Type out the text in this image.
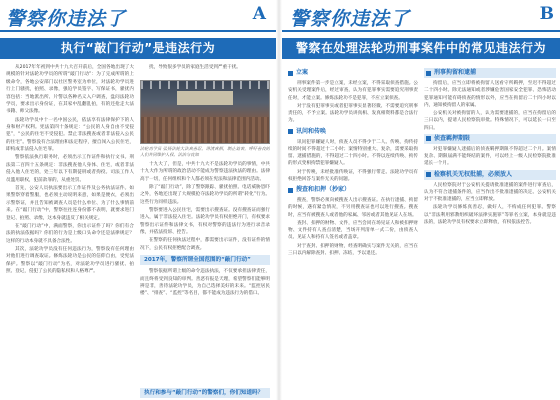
警察你违法了	A
执行“敲门行动”是违法行为

从2017年年初到中共十九大召开前后，全国各地出现了大规模的针对法轮功学员的所谓“敲门行动”：为了完成所谓的上级命令，各地公安部门以社区警务室为单位，对法轮功学员进行上门骚扰，拍照、录像，强迫学员签字、写保证书，骚扰内容包括：当地派出所、片警以各种名义入户调查，盘问法轮功学员，要求出示身份证，在其家中乱翻乱拍，有的还抢走大法书籍、师父法像。

法轮功学员中十一名中国公民，依法享有法律保护下的人身和财产权利。宪法第四十条规定：“公民的人身自由不受侵犯”，“公民的住宅不受侵犯。禁止非法搜查或者非法侵入公民的住宅”。警察没有合法理由和法定程序，擅自闯入公民住宅，即构成非法侵入住宅罪。

警察依法执行职务时，必须出示工作证件和执行文书。刑法第二百四十五条规定：非法搜查他人身体、住宅，或者非法侵入他人住宅的，处三年以下有期徒刑或者拘役。司法工作人员滥用职权，犯前款罪的，从重处罚。

首先，公安人员执法要出示工作证件及公务执法证件。如果警察穿着警服，也必须主动说明来意，如果是便衣，必须出示警察证，并且告知被调查人员是什么单位、为了什么事情前来。在“敲门行动”中，警察往往连身份都不表明，就要求进门登记、拍照、录像，这本身就违反了相关规定。

在“敲门行动”中，满面警察，你出示证件了吗？你们有合法的执法依据吗？你们的行为是上级口头命令还是法律规定？这样的行动本身就不具备合法性。

其次，法轮功学员没有任何违法行为，警察没有任何理由对他们进行调查取证。修炼法轮功是公民的信仰自由，受宪法保护。警察以“敲门行动”为名，对法轮功学员进行骚扰、拍照、登记，侵犯了公民的隐私权和人格尊严。

扰，导致很多学员的家庭生活受到严重干扰。

法轮功学员 弘扬法轮大法真善忍，讲清真相，制止迫害，呼吁善良的人们共同维护人权、法治与良知

十九大了，但是，中共十九大不是法轮功学员的事情，中共十九大作为所谓的政治活动不能成为警察违法执法的理由。法律高于一切，任何组织和个人都必须在宪法和法律范围内活动。

除了“敲门行动”，除了警察跟踪、骚扰拍照、电话威胁恐吓之外，各地还出现了大规模抢夺法轮功学员的所谓“转化”行为。这些行为同样违法。

警察要进入公民住宅，需要出示搜查证。没有搜查证而强行进入，属于非法侵入住宅。法轮功学员有权拒绝开门，有权要求警察出示证件和法律文书，有权对警察的违法行为进行录音录像，并依法投诉、控告。

在警察的任何执法过程中，都需要出示证件，没有证件的情况下，公民有权拒绝配合调查。

2017年，警察所谓全国范围的“敲门行动”

警察依据所谓上级的命令违法执法，不仅要承担法律责任，而且终将受到良知的审判。善恶有报是天理，希望警察们能够明辨是非，善待法轮功学员，为自己选择美好的未来。“监控居民楼”、“排查”、“监控”等名目，都不能成为违法行为的借口。

执行和参与“敲门行动”的警察们，你们知道吗？
警察你违法了	B
警察在处理法轮功刑事案件中的常见违法行为
立案

刑事案件第一步是立案，未经立案，不得采取侦查措施。公安机关受理案件后，经过审查，认为有犯罪事实需要追究刑事责任时，才能立案。修炼法轮功不是犯罪，不应立案侦查。

对于没有犯罪事实或者犯罪事实显著轻微、不需要追究刑事责任的，不予立案。法轮功学员讲真相、发真相资料都是合法行为。

讯问和传唤

讯问犯罪嫌疑人时，侦查人员不得少于二人。传唤、拘传持续的时间不得超过十二小时；案情特别重大、复杂，需要采取拘留、逮捕措施的，不得超过二十四小时。不得以连续传唤、拘传的形式变相拘禁犯罪嫌疑人。

对于传唤，未经批准传唤证，不得强行带走。法轮功学员有权拒绝回答与案件无关的问题。

搜查和扣押（抄家）

搜查，警察必须向被搜查人出示搜查证。在执行逮捕、拘留的时候，遇有紧急情况，不另用搜查证也可以进行搜查。搜查时，应当有被搜查人或者他的家属、邻居或者其他见证人在场。

查封、扣押的财物、文件，应当会同在场见证人和被扣押财物、文件持有人查点清楚，当场开列清单一式二份，由侦查人员、见证人和持有人签名或者盖章。

对于查封、扣押的财物，经查明确实与案件无关的，应当在三日以内解除查封、扣押、冻结，予以退还。

刑事拘留和逮捕

拘留后，应当立即将被拘留人送看守所羁押，至迟不得超过二十四小时。除无法通知或者涉嫌危害国家安全犯罪、恐怖活动犯罪通知可能有碍侦查的情形以外，应当在拘留后二十四小时以内，通知被拘留人的家属。

公安机关对被拘留的人，认为需要逮捕的，应当在拘留后的三日以内，提请人民检察院审批。特殊情况下，可以延长一日至四日。

侦查羁押期限

对犯罪嫌疑人逮捕后的侦查羁押期限不得超过二个月。案情复杂、期限届满不能终结的案件，可以经上一级人民检察院批准延长一个月。

检察机关无权批捕，必须放人

人民检察院对于公安机关提请批准逮捕的案件进行审查后，认为不符合逮捕条件的，应当作出不批准逮捕的决定。公安机关对于不批准逮捕的，应当立即释放。

法轮功学员修炼真善忍，做好人，不构成任何犯罪。警察以“非法利用邪教组织破坏法律实施罪”等罪名立案，本身就是违法的，法轮功学员有权要求立即释放，有权依法控告。
